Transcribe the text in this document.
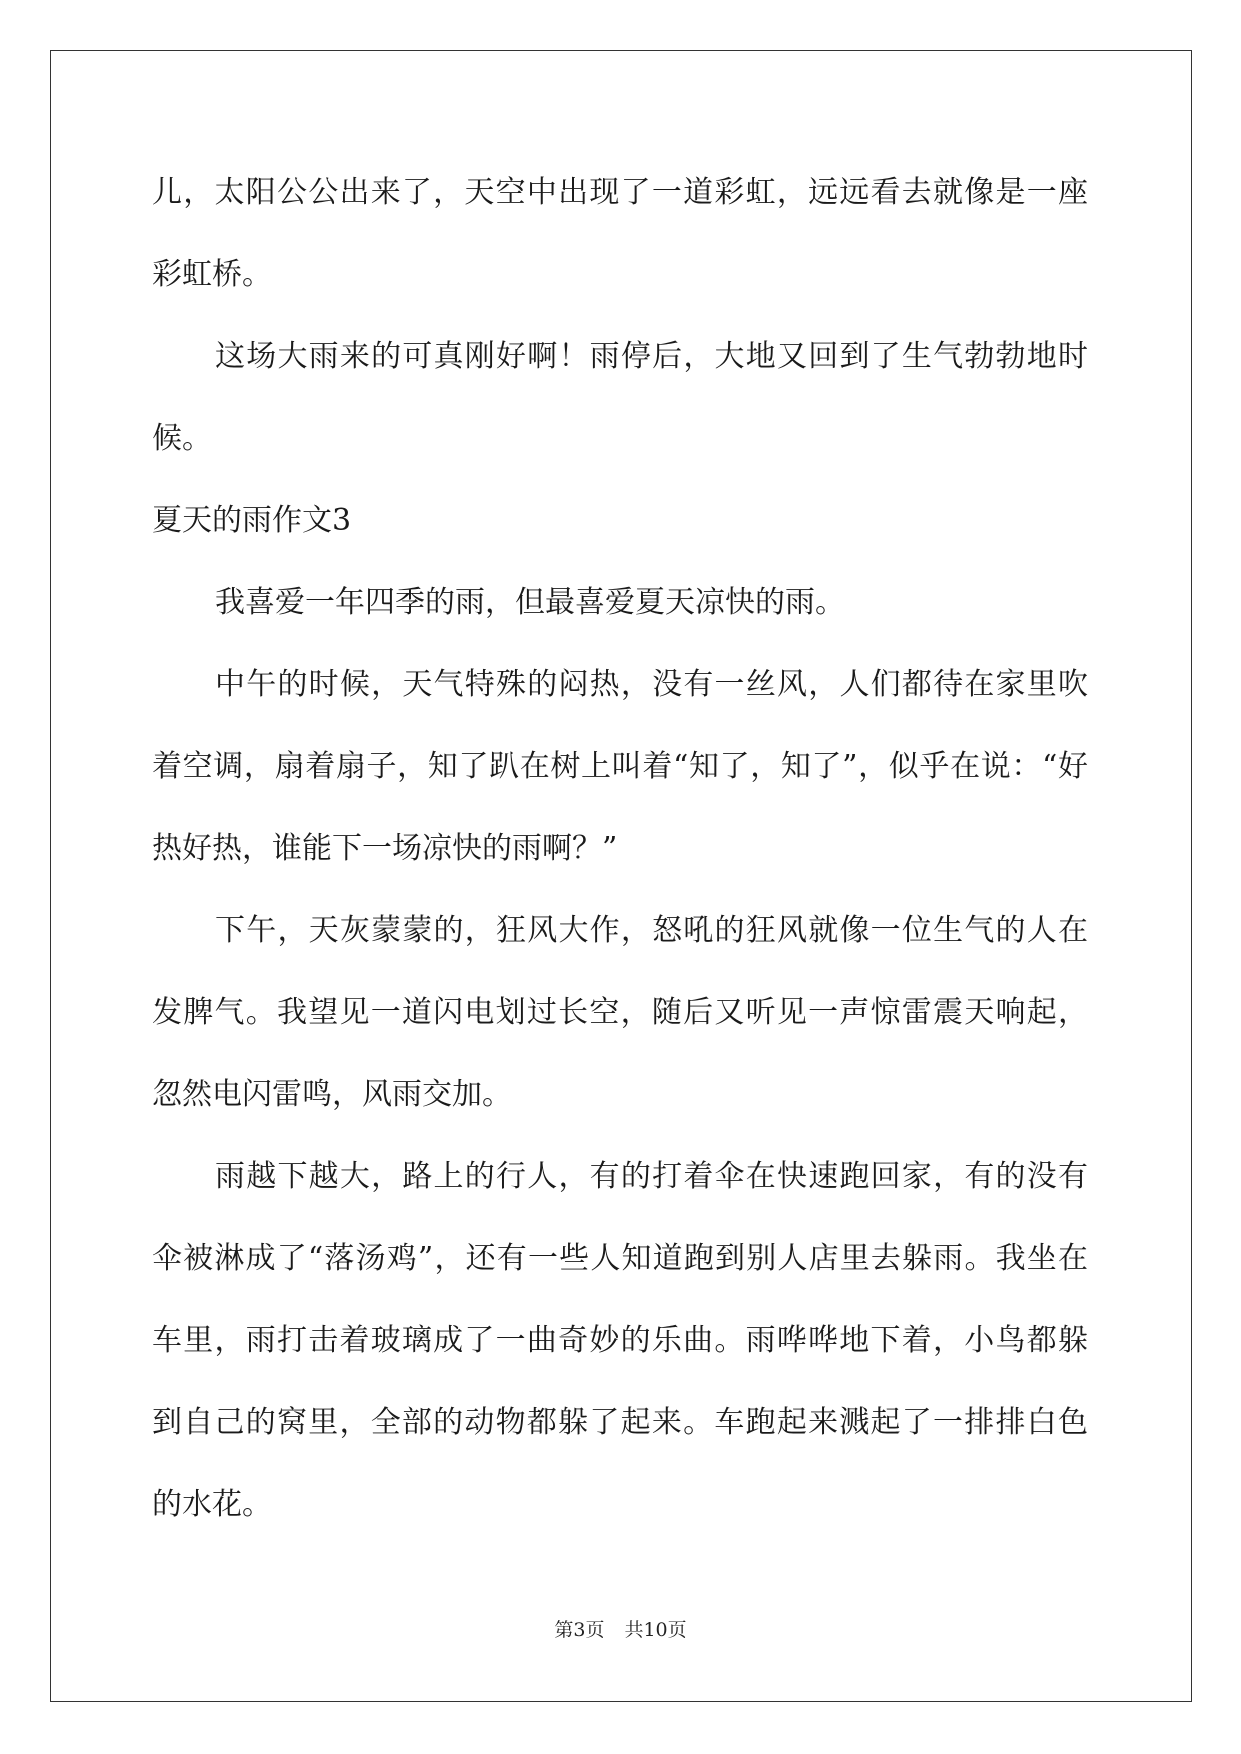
儿，太阳公公出来了，天空中出现了一道彩虹，远远看去就像是一座
彩虹桥。
这场大雨来的可真刚好啊！雨停后，大地又回到了生气勃勃地时
候。
夏天的雨作文3
我喜爱一年四季的雨，但最喜爱夏天凉快的雨。
中午的时候，天气特殊的闷热，没有一丝风，人们都待在家里吹
着空调，扇着扇子，知了趴在树上叫着“知了，知了”，似乎在说：“好
热好热，谁能下一场凉快的雨啊？”
下午，天灰蒙蒙的，狂风大作，怒吼的狂风就像一位生气的人在
发脾气。我望见一道闪电划过长空，随后又听见一声惊雷震天响起，
忽然电闪雷鸣，风雨交加。
雨越下越大，路上的行人，有的打着伞在快速跑回家，有的没有
伞被淋成了“落汤鸡”，还有一些人知道跑到别人店里去躲雨。我坐在
车里，雨打击着玻璃成了一曲奇妙的乐曲。雨哗哗地下着，小鸟都躲
到自己的窝里，全部的动物都躲了起来。车跑起来溅起了一排排白色
的水花。
第3页 共10页
